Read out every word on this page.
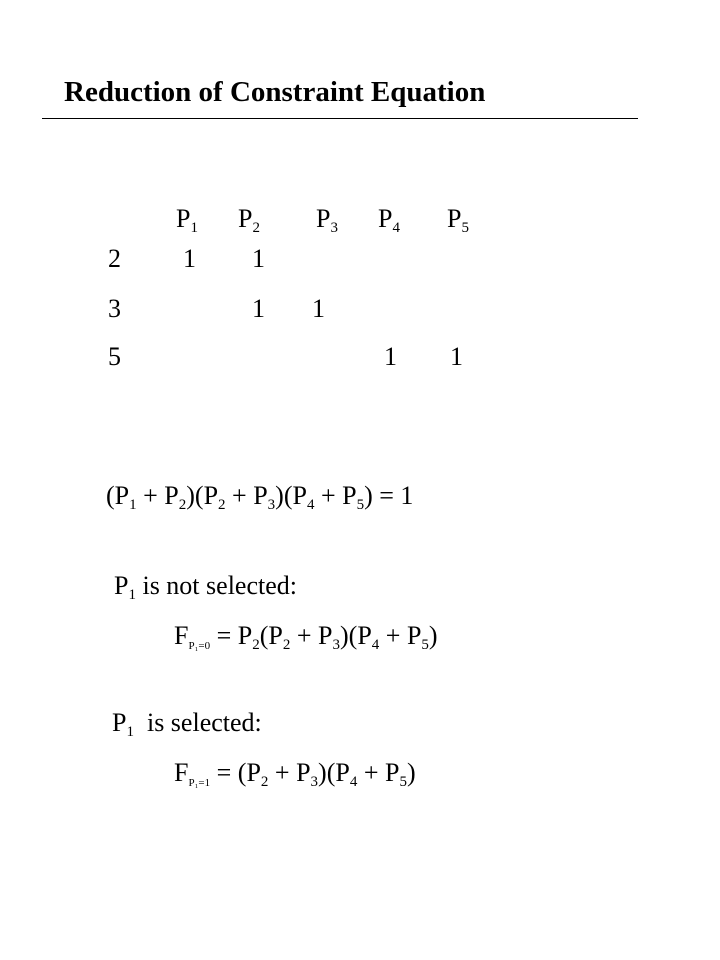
Reduction of Constraint Equation
$P_1$ $P_2$ $P_3$ $P_4$ $P_5$
2 1 1
3	1 1
5	1 1
$(P_1 + P_2)(P_2 + P_3)(P_4 + P_5) = 1$
$P_1$ is not selected:
$FP_1=0 = P_2(P_2 + P_3)(P_4 + P_5)$
$P_1$  is selected:
$FP_1=1 = (P_2 + P_3)(P_4 + P_5)$
